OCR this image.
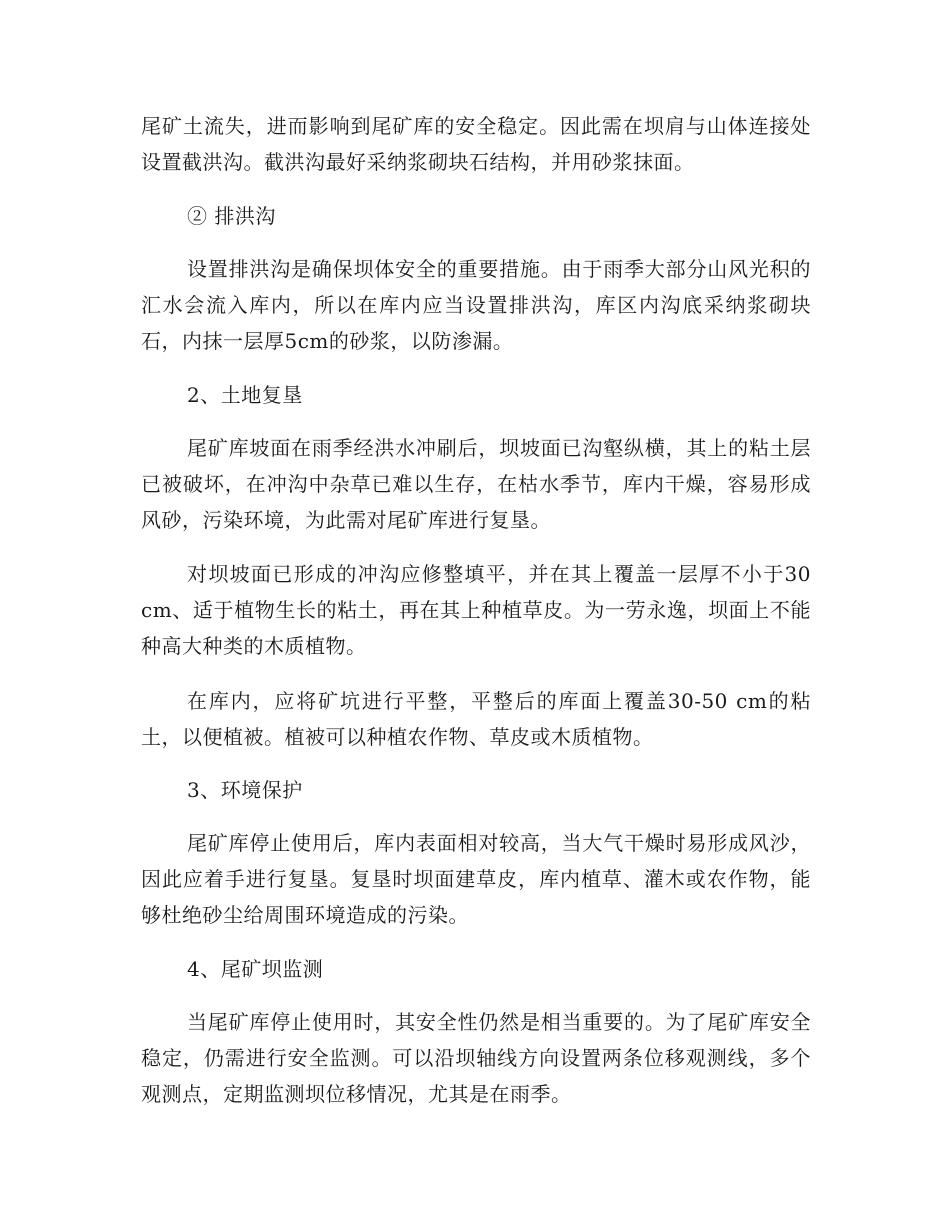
尾矿土流失，进而影响到尾矿库的安全稳定。因此需在坝肩与山体连接处设置截洪沟。截洪沟最好采纳浆砌块石结构，并用砂浆抹面。

② 排洪沟

设置排洪沟是确保坝体安全的重要措施。由于雨季大部分山风光积的汇水会流入库内，所以在库内应当设置排洪沟，库区内沟底采纳浆砌块石，内抹一层厚5cm的砂浆，以防渗漏。

2、土地复垦

尾矿库坡面在雨季经洪水冲刷后，坝坡面已沟壑纵横，其上的粘土层已被破坏，在冲沟中杂草已难以生存，在枯水季节，库内干燥，容易形成风砂，污染环境，为此需对尾矿库进行复垦。

对坝坡面已形成的冲沟应修整填平，并在其上覆盖一层厚不小于30 cm、适于植物生长的粘土，再在其上种植草皮。为一劳永逸，坝面上不能种高大种类的木质植物。

在库内，应将矿坑进行平整，平整后的库面上覆盖30-50 cm的粘土，以便植被。植被可以种植农作物、草皮或木质植物。

3、环境保护

尾矿库停止使用后，库内表面相对较高，当大气干燥时易形成风沙，因此应着手进行复垦。复垦时坝面建草皮，库内植草、灌木或农作物，能够杜绝砂尘给周围环境造成的污染。

4、尾矿坝监测

当尾矿库停止使用时，其安全性仍然是相当重要的。为了尾矿库安全稳定，仍需进行安全监测。可以沿坝轴线方向设置两条位移观测线，多个观测点，定期监测坝位移情况，尤其是在雨季。
